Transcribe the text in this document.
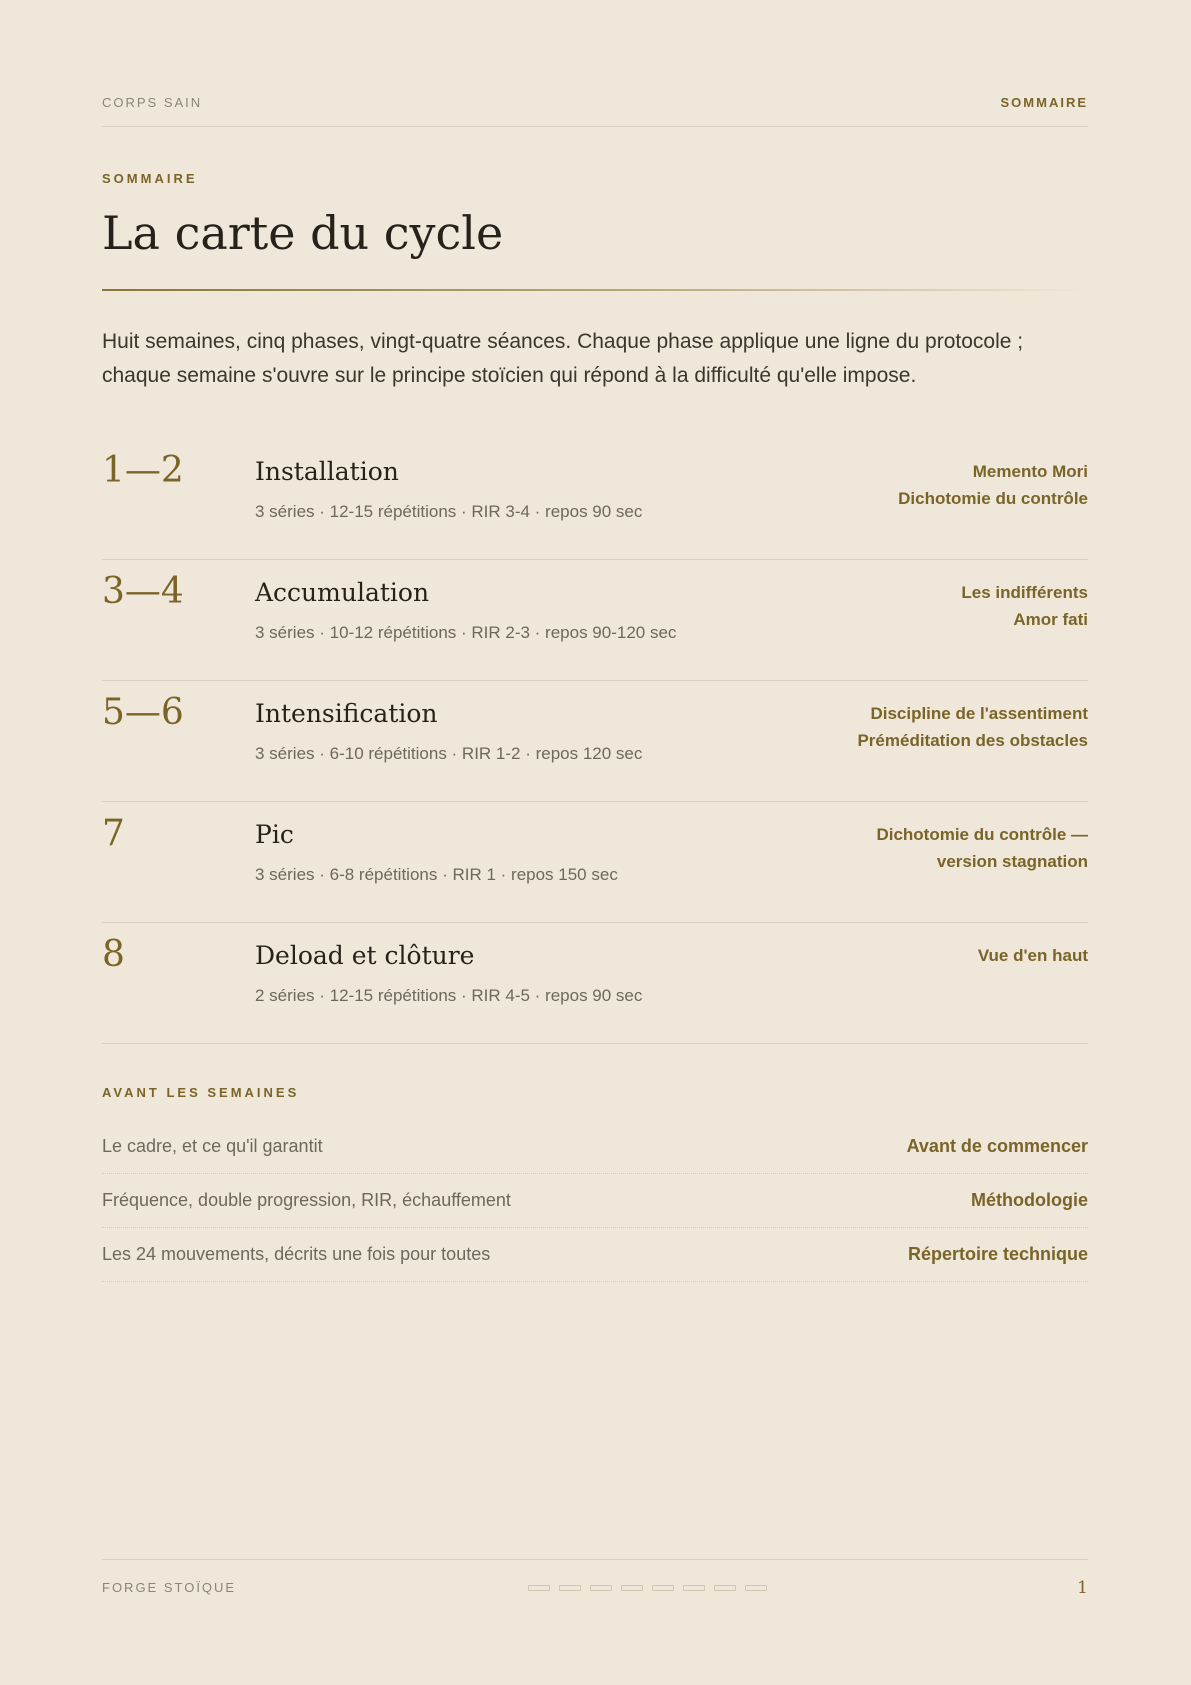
CORPS SAIN	SOMMAIRE
SOMMAIRE
La carte du cycle

Huit semaines, cinq phases, vingt-quatre séances. Chaque phase applique une ligne du protocole ; chaque semaine s'ouvre sur le principe stoïcien qui répond à la difficulté qu'elle impose.

1—2	Installation
3 séries · 12-15 répétitions · RIR 3-4 · repos 90 sec
Memento Mori
Dichotomie du contrôle
3—4	Accumulation
3 séries · 10-12 répétitions · RIR 2-3 · repos 90-120 sec
Les indifférents
Amor fati
5—6	Intensification
3 séries · 6-10 répétitions · RIR 1-2 · repos 120 sec
Discipline de l'assentiment
Préméditation des obstacles
7	Pic
3 séries · 6-8 répétitions · RIR 1 · repos 150 sec
Dichotomie du contrôle —
version stagnation
8	Deload et clôture
2 séries · 12-15 répétitions · RIR 4-5 · repos 90 sec
Vue d'en haut
AVANT LES SEMAINES
Le cadre, et ce qu'il garantit	Avant de commencer
Fréquence, double progression, RIR, échauffement	Méthodologie
Les 24 mouvements, décrits une fois pour toutes	Répertoire technique
FORGE STOÏQUE	1
